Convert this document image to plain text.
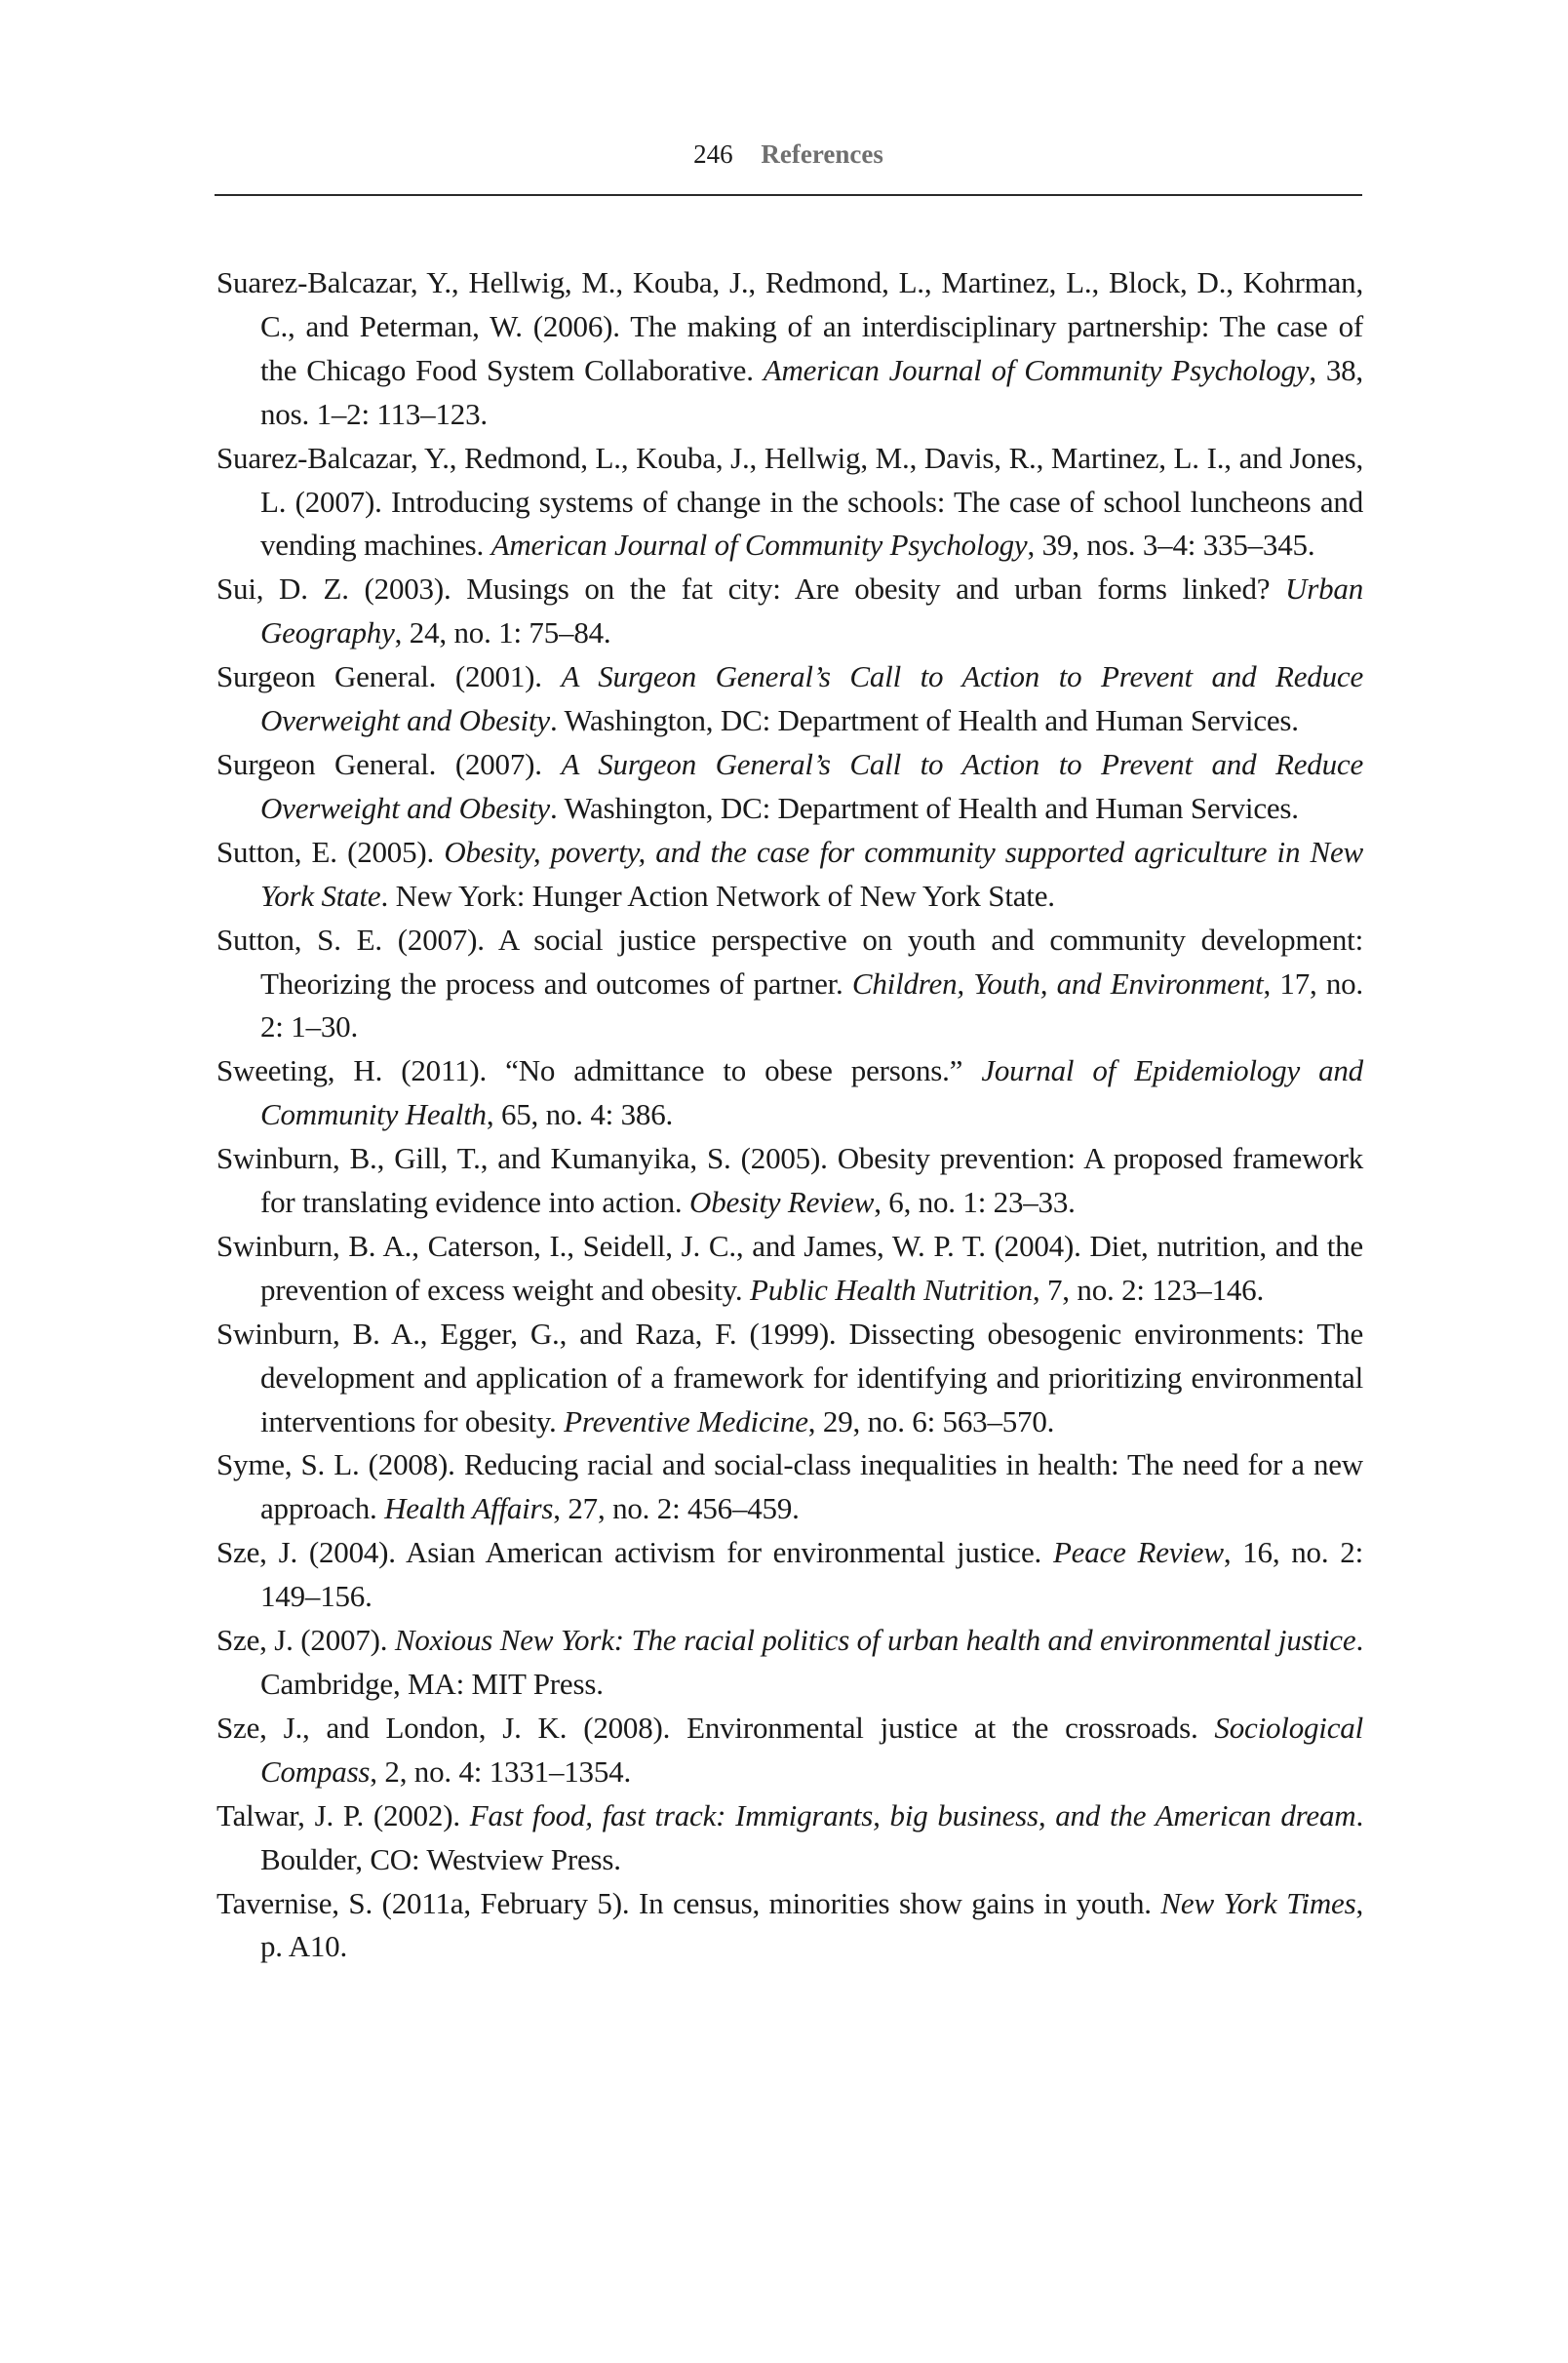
246 References

Suarez-Balcazar, Y., Hellwig, M., Kouba, J., Redmond, L., Martinez, L., Block, D., Kohrman, C., and Peterman, W. (2006). The making of an interdisciplinary partnership: The case of the Chicago Food System Collaborative. American Journal of Community Psychology, 38, nos. 1–2: 113–123.

Suarez-Balcazar, Y., Redmond, L., Kouba, J., Hellwig, M., Davis, R., Martinez, L. I., and Jones, L. (2007). Introducing systems of change in the schools: The case of school luncheons and vending machines. American Journal of Community Psychology, 39, nos. 3–4: 335–345.

Sui, D. Z. (2003). Musings on the fat city: Are obesity and urban forms linked? Urban Geography, 24, no. 1: 75–84.

Surgeon General. (2001). A Surgeon General’s Call to Action to Prevent and Reduce Overweight and Obesity. Washington, DC: Department of Health and Human Services.

Surgeon General. (2007). A Surgeon General’s Call to Action to Prevent and Reduce Overweight and Obesity. Washington, DC: Department of Health and Human Services.

Sutton, E. (2005). Obesity, poverty, and the case for community supported agriculture in New York State. New York: Hunger Action Network of New York State.

Sutton, S. E. (2007). A social justice perspective on youth and community development: Theorizing the process and outcomes of partner. Children, Youth, and Environment, 17, no. 2: 1–30.

Sweeting, H. (2011). “No admittance to obese persons.” Journal of Epidemiology and Community Health, 65, no. 4: 386.

Swinburn, B., Gill, T., and Kumanyika, S. (2005). Obesity prevention: A proposed framework for translating evidence into action. Obesity Review, 6, no. 1: 23–33.

Swinburn, B. A., Caterson, I., Seidell, J. C., and James, W. P. T. (2004). Diet, nutrition, and the prevention of excess weight and obesity. Public Health Nutrition, 7, no. 2: 123–146.

Swinburn, B. A., Egger, G., and Raza, F. (1999). Dissecting obesogenic environments: The development and application of a framework for identifying and prioritizing environmental interventions for obesity. Preventive Medicine, 29, no. 6: 563–570.

Syme, S. L. (2008). Reducing racial and social-class inequalities in health: The need for a new approach. Health Affairs, 27, no. 2: 456–459.

Sze, J. (2004). Asian American activism for environmental justice. Peace Review, 16, no. 2: 149–156.

Sze, J. (2007). Noxious New York: The racial politics of urban health and environmental justice. Cambridge, MA: MIT Press.

Sze, J., and London, J. K. (2008). Environmental justice at the crossroads. Sociological Compass, 2, no. 4: 1331–1354.

Talwar, J. P. (2002). Fast food, fast track: Immigrants, big business, and the American dream. Boulder, CO: Westview Press.

Tavernise, S. (2011a, February 5). In census, minorities show gains in youth. New York Times, p. A10.
